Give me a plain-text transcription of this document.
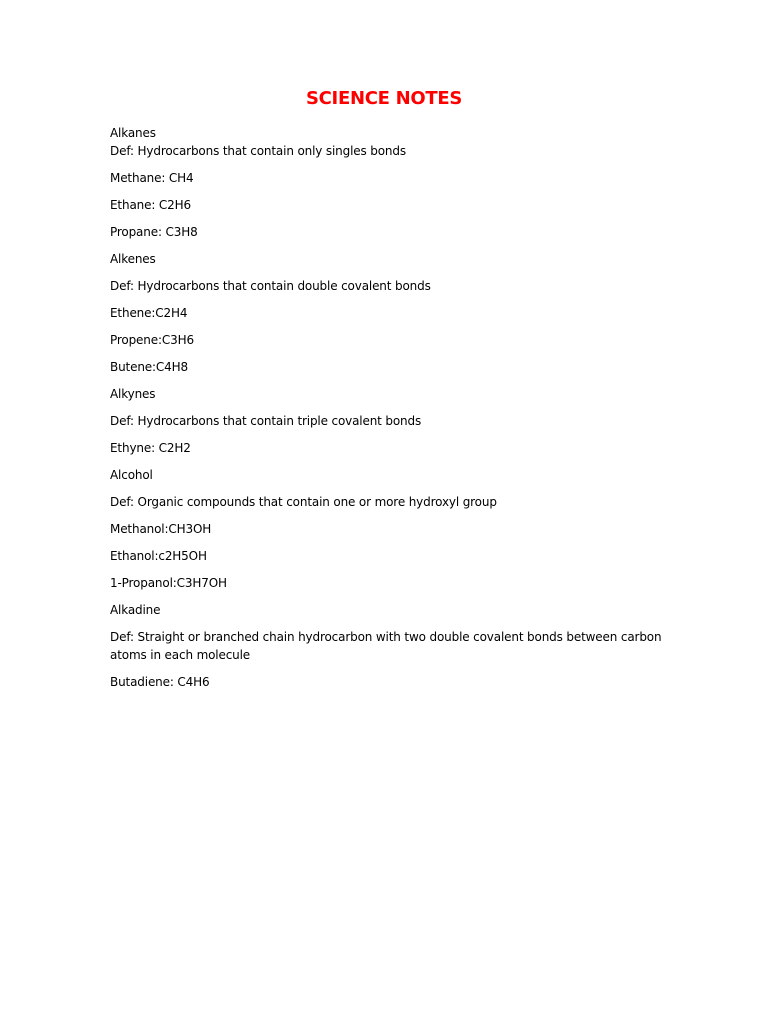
SCIENCE NOTES

Alkanes

Def: Hydrocarbons that contain only singles bonds

Methane: CH4

Ethane: C2H6

Propane: C3H8

Alkenes

Def: Hydrocarbons that contain double covalent bonds

Ethene:C2H4

Propene:C3H6

Butene:C4H8

Alkynes

Def: Hydrocarbons that contain triple covalent bonds

Ethyne: C2H2

Alcohol

Def: Organic compounds that contain one or more hydroxyl group

Methanol:CH3OH

Ethanol:c2H5OH

1-Propanol:C3H7OH

Alkadine

Def: Straight or branched chain hydrocarbon with two double covalent bonds between carbon atoms in each molecule

Butadiene: C4H6
